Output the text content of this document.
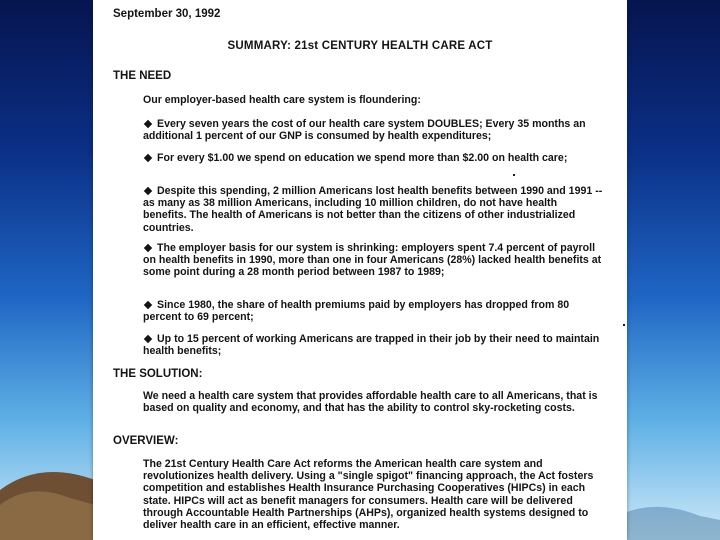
September 30, 1992
SUMMARY: 21st CENTURY HEALTH CARE ACT
THE NEED

Our employer-based health care system is floundering:

Every seven years the cost of our health care system DOUBLES; Every 35 months an additional 1 percent of our GNP is consumed by health expenditures;

For every $1.00 we spend on education we spend more than $2.00 on health care;

Despite this spending, 2 million Americans lost health benefits between 1990 and 1991 -- as many as 38 million Americans, including 10 million children, do not have health benefits. The health of Americans is not better than the citizens of other industrialized countries.

The employer basis for our system is shrinking: employers spent 7.4 percent of payroll on health benefits in 1990, more than one in four Americans (28%) lacked health benefits at some point during a 28 month period between 1987 to 1989;

Since 1980, the share of health premiums paid by employers has dropped from 80 percent to 69 percent;

Up to 15 percent of working Americans are trapped in their job by their need to maintain health benefits;

THE SOLUTION:

We need a health care system that provides affordable health care to all Americans, that is based on quality and economy, and that has the ability to control sky-rocketing costs.

OVERVIEW:

The 21st Century Health Care Act reforms the American health care system and revolutionizes health delivery. Using a "single spigot" financing approach, the Act fosters competition and establishes Health Insurance Purchasing Cooperatives (HIPCs) in each state. HIPCs will act as benefit managers for consumers. Health care will be delivered through Accountable Health Partnerships (AHPs), organized health systems designed to deliver health care in an efficient, effective manner.
